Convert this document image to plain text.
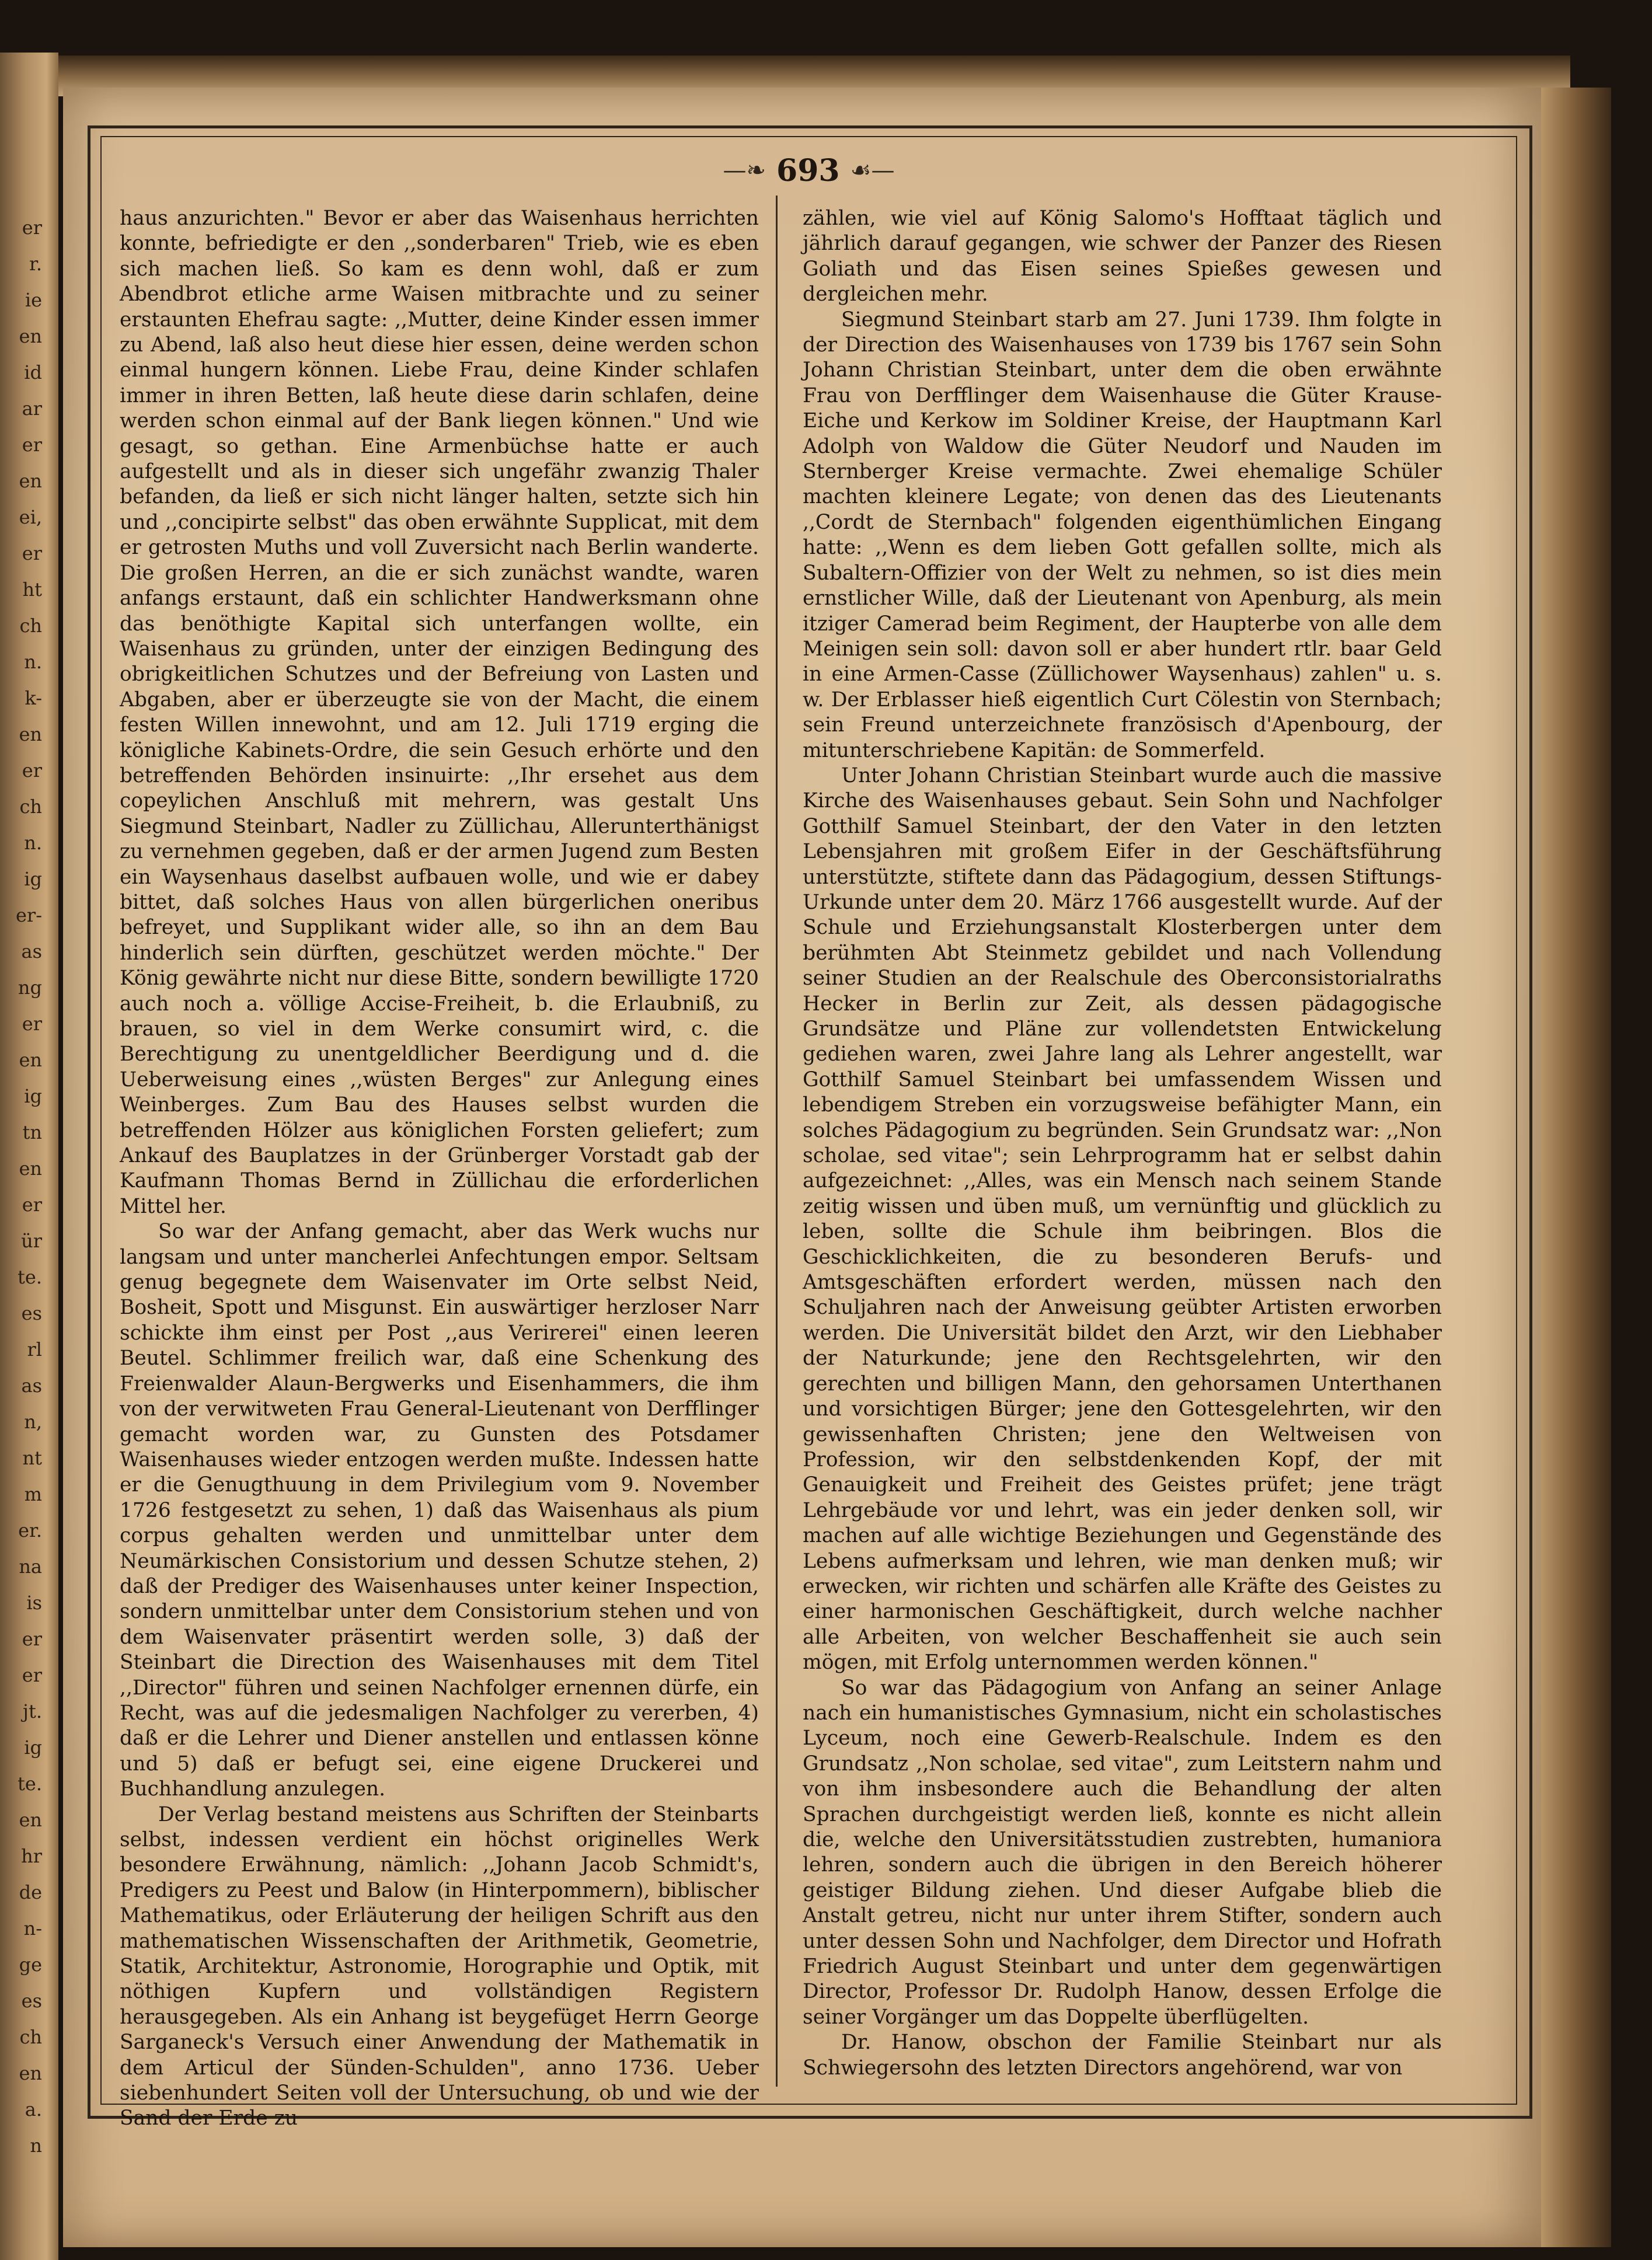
er
r.
ie
en
id
ar
er
en
ei,
er
ht
ch
n.
k-
en
er
ch
n.
ig
er-
as
ng
er
en
ig
tn
en
er
ür
te.
es
rl
as
n,
nt
m
er.
na
is
er
er
jt.
ig
te.
en
hr
de
n-
ge
es
ch
en
a.
n
—❧ 693 ☙—

haus anzurichten." Bevor er aber das Waisenhaus herrichten konnte, befriedigte er den ,,sonderbaren" Trieb, wie es eben sich machen ließ. So kam es denn wohl, daß er zum Abendbrot etliche arme Waisen mitbrachte und zu seiner erstaunten Ehefrau sagte: ,,Mutter, deine Kinder essen immer zu Abend, laß also heut diese hier essen, deine werden schon einmal hungern können. Liebe Frau, deine Kinder schlafen immer in ihren Betten, laß heute diese darin schlafen, deine werden schon einmal auf der Bank liegen können." Und wie gesagt, so gethan. Eine Armenbüchse hatte er auch aufgestellt und als in dieser sich ungefähr zwanzig Thaler befanden, da ließ er sich nicht länger halten, setzte sich hin und ,,concipirte selbst" das oben erwähnte Supplicat, mit dem er getrosten Muths und voll Zuversicht nach Berlin wanderte. Die großen Herren, an die er sich zunächst wandte, waren anfangs erstaunt, daß ein schlichter Handwerksmann ohne das benöthigte Kapital sich unterfangen wollte, ein Waisenhaus zu gründen, unter der einzigen Bedingung des obrigkeitlichen Schutzes und der Befreiung von Lasten und Abgaben, aber er überzeugte sie von der Macht, die einem festen Willen innewohnt, und am 12. Juli 1719 erging die königliche Kabinets-Ordre, die sein Gesuch erhörte und den betreffenden Behörden insinuirte: ,,Ihr ersehet aus dem copeylichen Anschluß mit mehrern, was gestalt Uns Siegmund Steinbart, Nadler zu Züllichau, Allerunterthänigst zu vernehmen gegeben, daß er der armen Jugend zum Besten ein Waysenhaus daselbst aufbauen wolle, und wie er dabey bittet, daß solches Haus von allen bürgerlichen oneribus befreyet, und Supplikant wider alle, so ihn an dem Bau hinderlich sein dürften, geschützet werden möchte." Der König gewährte nicht nur diese Bitte, sondern bewilligte 1720 auch noch a. völlige Accise-Freiheit, b. die Erlaubniß, zu brauen, so viel in dem Werke consumirt wird, c. die Berechtigung zu unentgeldlicher Beerdigung und d. die Ueberweisung eines ,,wüsten Berges" zur Anlegung eines Weinberges. Zum Bau des Hauses selbst wurden die betreffenden Hölzer aus königlichen Forsten geliefert; zum Ankauf des Bauplatzes in der Grünberger Vorstadt gab der Kaufmann Thomas Bernd in Züllichau die erforderlichen Mittel her.

So war der Anfang gemacht, aber das Werk wuchs nur langsam und unter mancherlei Anfechtungen empor. Seltsam genug begegnete dem Waisenvater im Orte selbst Neid, Bosheit, Spott und Misgunst. Ein auswärtiger herzloser Narr schickte ihm einst per Post ,,aus Verirerei" einen leeren Beutel. Schlimmer freilich war, daß eine Schenkung des Freienwalder Alaun-Bergwerks und Eisenhammers, die ihm von der verwitweten Frau General-Lieutenant von Derfflinger gemacht worden war, zu Gunsten des Potsdamer Waisenhauses wieder entzogen werden mußte. Indessen hatte er die Genugthuung in dem Privilegium vom 9. November 1726 festgesetzt zu sehen, 1) daß das Waisenhaus als pium corpus gehalten werden und unmittelbar unter dem Neumärkischen Consistorium und dessen Schutze stehen, 2) daß der Prediger des Waisenhauses unter keiner Inspection, sondern unmittelbar unter dem Consistorium stehen und von dem Waisenvater präsentirt werden solle, 3) daß der Steinbart die Direction des Waisenhauses mit dem Titel ,,Director" führen und seinen Nachfolger ernennen dürfe, ein Recht, was auf die jedesmaligen Nachfolger zu vererben, 4) daß er die Lehrer und Diener anstellen und entlassen könne und 5) daß er befugt sei, eine eigene Druckerei und Buchhandlung anzulegen.

Der Verlag bestand meistens aus Schriften der Steinbarts selbst, indessen verdient ein höchst originelles Werk besondere Erwähnung, nämlich: ,,Johann Jacob Schmidt's, Predigers zu Peest und Balow (in Hinterpommern), biblischer Mathematikus, oder Erläuterung der heiligen Schrift aus den mathematischen Wissenschaften der Arithmetik, Geometrie, Statik, Architektur, Astronomie, Horographie und Optik, mit nöthigen Kupfern und vollständigen Registern herausgegeben. Als ein Anhang ist beygefüget Herrn George Sarganeck's Versuch einer Anwendung der Mathematik in dem Articul der Sünden-Schulden", anno 1736. Ueber siebenhundert Seiten voll der Untersuchung, ob und wie der Sand der Erde zu

zählen, wie viel auf König Salomo's Hofftaat täglich und jährlich darauf gegangen, wie schwer der Panzer des Riesen Goliath und das Eisen seines Spießes gewesen und dergleichen mehr.

Siegmund Steinbart starb am 27. Juni 1739. Ihm folgte in der Direction des Waisenhauses von 1739 bis 1767 sein Sohn Johann Christian Steinbart, unter dem die oben erwähnte Frau von Derfflinger dem Waisenhause die Güter Krause-Eiche und Kerkow im Soldiner Kreise, der Hauptmann Karl Adolph von Waldow die Güter Neudorf und Nauden im Sternberger Kreise vermachte. Zwei ehemalige Schüler machten kleinere Legate; von denen das des Lieutenants ,,Cordt de Sternbach" folgenden eigenthümlichen Eingang hatte: ,,Wenn es dem lieben Gott gefallen sollte, mich als Subaltern-Offizier von der Welt zu nehmen, so ist dies mein ernstlicher Wille, daß der Lieutenant von Apenburg, als mein itziger Camerad beim Regiment, der Haupterbe von alle dem Meinigen sein soll: davon soll er aber hundert rtlr. baar Geld in eine Armen-Casse (Züllichower Waysenhaus) zahlen" u. s. w. Der Erblasser hieß eigentlich Curt Cölestin von Sternbach; sein Freund unterzeichnete französisch d'Apenbourg, der mitunterschriebene Kapitän: de Sommerfeld.

Unter Johann Christian Steinbart wurde auch die massive Kirche des Waisenhauses gebaut. Sein Sohn und Nachfolger Gotthilf Samuel Steinbart, der den Vater in den letzten Lebensjahren mit großem Eifer in der Geschäftsführung unterstützte, stiftete dann das Pädagogium, dessen Stiftungs-Urkunde unter dem 20. März 1766 ausgestellt wurde. Auf der Schule und Erziehungsanstalt Klosterbergen unter dem berühmten Abt Steinmetz gebildet und nach Vollendung seiner Studien an der Realschule des Oberconsistorialraths Hecker in Berlin zur Zeit, als dessen pädagogische Grundsätze und Pläne zur vollendetsten Entwickelung gediehen waren, zwei Jahre lang als Lehrer angestellt, war Gotthilf Samuel Steinbart bei umfassendem Wissen und lebendigem Streben ein vorzugsweise befähigter Mann, ein solches Pädagogium zu begründen. Sein Grundsatz war: ,,Non scholae, sed vitae"; sein Lehrprogramm hat er selbst dahin aufgezeichnet: ,,Alles, was ein Mensch nach seinem Stande zeitig wissen und üben muß, um vernünftig und glücklich zu leben, sollte die Schule ihm beibringen. Blos die Geschicklichkeiten, die zu besonderen Berufs- und Amtsgeschäften erfordert werden, müssen nach den Schuljahren nach der Anweisung geübter Artisten erworben werden. Die Universität bildet den Arzt, wir den Liebhaber der Naturkunde; jene den Rechtsgelehrten, wir den gerechten und billigen Mann, den gehorsamen Unterthanen und vorsichtigen Bürger; jene den Gottesgelehrten, wir den gewissenhaften Christen; jene den Weltweisen von Profession, wir den selbstdenkenden Kopf, der mit Genauigkeit und Freiheit des Geistes prüfet; jene trägt Lehrgebäude vor und lehrt, was ein jeder denken soll, wir machen auf alle wichtige Beziehungen und Gegenstände des Lebens aufmerksam und lehren, wie man denken muß; wir erwecken, wir richten und schärfen alle Kräfte des Geistes zu einer harmonischen Geschäftigkeit, durch welche nachher alle Arbeiten, von welcher Beschaffenheit sie auch sein mögen, mit Erfolg unternommen werden können."

So war das Pädagogium von Anfang an seiner Anlage nach ein humanistisches Gymnasium, nicht ein scholastisches Lyceum, noch eine Gewerb-Realschule. Indem es den Grundsatz ,,Non scholae, sed vitae", zum Leitstern nahm und von ihm insbesondere auch die Behandlung der alten Sprachen durchgeistigt werden ließ, konnte es nicht allein die, welche den Universitätsstudien zustrebten, humaniora lehren, sondern auch die übrigen in den Bereich höherer geistiger Bildung ziehen. Und dieser Aufgabe blieb die Anstalt getreu, nicht nur unter ihrem Stifter, sondern auch unter dessen Sohn und Nachfolger, dem Director und Hofrath Friedrich August Steinbart und unter dem gegenwärtigen Director, Professor Dr. Rudolph Hanow, dessen Erfolge die seiner Vorgänger um das Doppelte überflügelten.

Dr. Hanow, obschon der Familie Steinbart nur als Schwiegersohn des letzten Directors angehörend, war von
